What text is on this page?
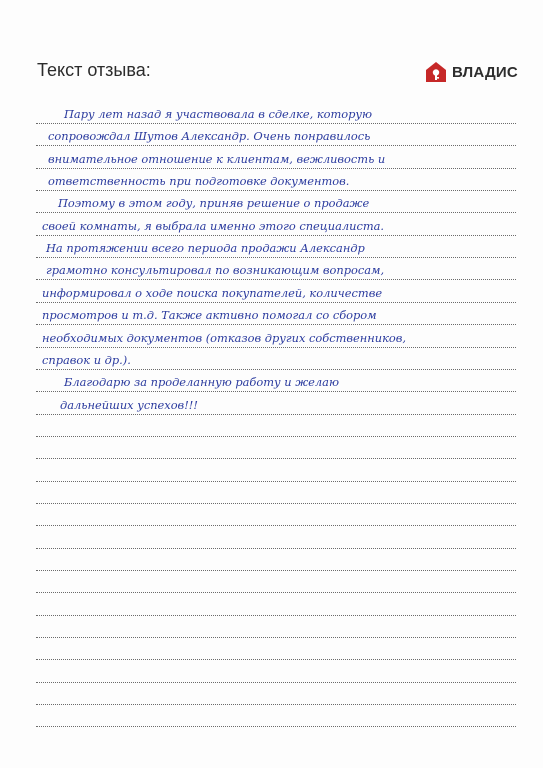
Текст отзыва:	ВЛАДИС
Пару лет назад я участвовала в сделке, которую
сопровождал Шутов Александр. Очень понравилось
внимательное отношение к клиентам, вежливость и
ответственность при подготовке документов.
Поэтому в этом году, приняв решение о продаже
своей комнаты, я выбрала именно этого специалиста.
На протяжении всего периода продажи Александр
грамотно консультировал по возникающим вопросам,
информировал о ходе поиска покупателей, количестве
просмотров и т.д. Также активно помогал со сбором
необходимых документов (отказов других собственников,
справок и др.).
Благодарю за проделанную работу и желаю
дальнейших успехов!!!
